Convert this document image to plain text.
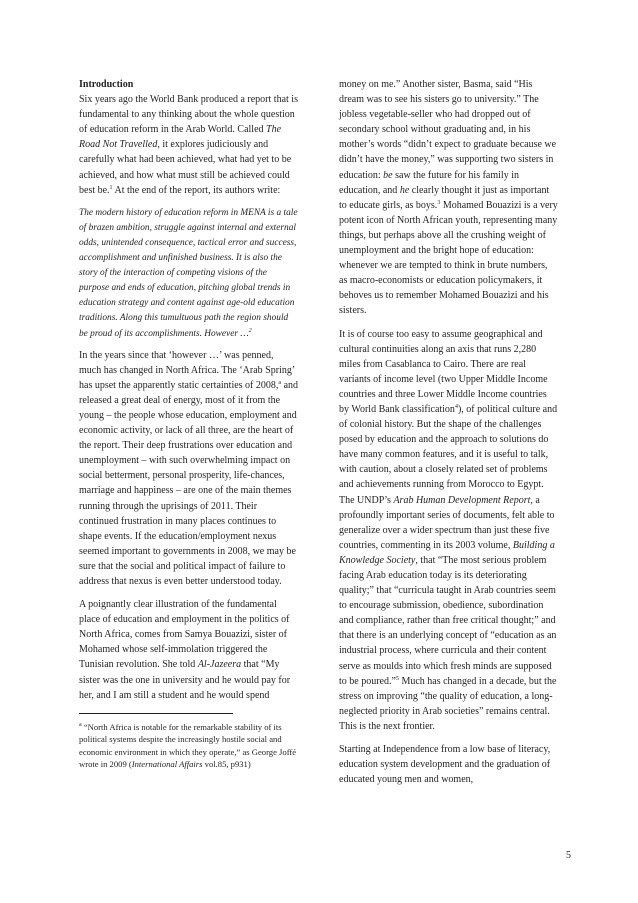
Introduction
Six years ago the World Bank produced a report that is fundamental to any thinking about the whole question of education reform in the Arab World. Called The Road Not Travelled, it explores judiciously and carefully what had been achieved, what had yet to be achieved, and how what must still be achieved could best be.$^1$ At the end of the report, its authors write:

The modern history of education reform in MENA is a tale of brazen ambition, struggle against internal and external odds, unintended consequence, tactical error and success, accomplishment and unfinished business. It is also the story of the interaction of competing visions of the purpose and ends of education, pitching global trends in education strategy and content against age-old education traditions. Along this tumultuous path the region should be proud of its accomplishments. However …$^2$

In the years since that ‘however …’ was penned, much has changed in North Africa. The ‘Arab Spring’ has upset the apparently static certainties of 2008,$^a$ and released a great deal of energy, most of it from the young – the people whose education, employment and economic activity, or lack of all three, are the heart of the report. Their deep frustrations over education and unemployment – with such overwhelming impact on social betterment, personal prosperity, life-chances, marriage and happiness – are one of the main themes running through the uprisings of 2011. Their continued frustration in many places continues to shape events. If the education/employment nexus seemed important to governments in 2008, we may be sure that the social and political impact of failure to address that nexus is even better understood today.

A poignantly clear illustration of the fundamental place of education and employment in the politics of North Africa, comes from Samya Bouazizi, sister of Mohamed whose self-immolation triggered the Tunisian revolution. She told Al-Jazeera that “My sister was the one in university and he would pay for her, and I am still a student and he would spend

$^a$ “North Africa is notable for the remarkable stability of its political systems despite the increasingly hostile social and economic environment in which they operate,” as George Joffé wrote in 2009 (International Affairs vol.85, p931)

money on me.” Another sister, Basma, said “His dream was to see his sisters go to university.” The jobless vegetable-seller who had dropped out of secondary school without graduating and, in his mother’s words “didn’t expect to graduate because we didn’t have the money,” was supporting two sisters in education: be saw the future for his family in education, and he clearly thought it just as important to educate girls, as boys.$^3$ Mohamed Bouazizi is a very potent icon of North African youth, representing many things, but perhaps above all the crushing weight of unemployment and the bright hope of education: whenever we are tempted to think in brute numbers, as macro-economists or education policymakers, it behoves us to remember Mohamed Bouazizi and his sisters.

It is of course too easy to assume geographical and cultural continuities along an axis that runs 2,280 miles from Casablanca to Cairo. There are real variants of income level (two Upper Middle Income countries and three Lower Middle Income countries by World Bank classification$^4$), of political culture and of colonial history. But the shape of the challenges posed by education and the approach to solutions do have many common features, and it is useful to talk, with caution, about a closely related set of problems and achievements running from Morocco to Egypt. The UNDP’s Arab Human Development Report, a profoundly important series of documents, felt able to generalize over a wider spectrum than just these five countries, commenting in its 2003 volume, Building a Knowledge Society, that “The most serious problem facing Arab education today is its deteriorating quality;” that “curricula taught in Arab countries seem to encourage submission, obedience, subordination and compliance, rather than free critical thought;” and that there is an underlying concept of “education as an industrial process, where curricula and their content serve as moulds into which fresh minds are supposed to be poured.”$^5$ Much has changed in a decade, but the stress on improving “the quality of education, a long-neglected priority in Arab societies” remains central. This is the next frontier.

Starting at Independence from a low base of literacy, education system development and the graduation of educated young men and women,

5
